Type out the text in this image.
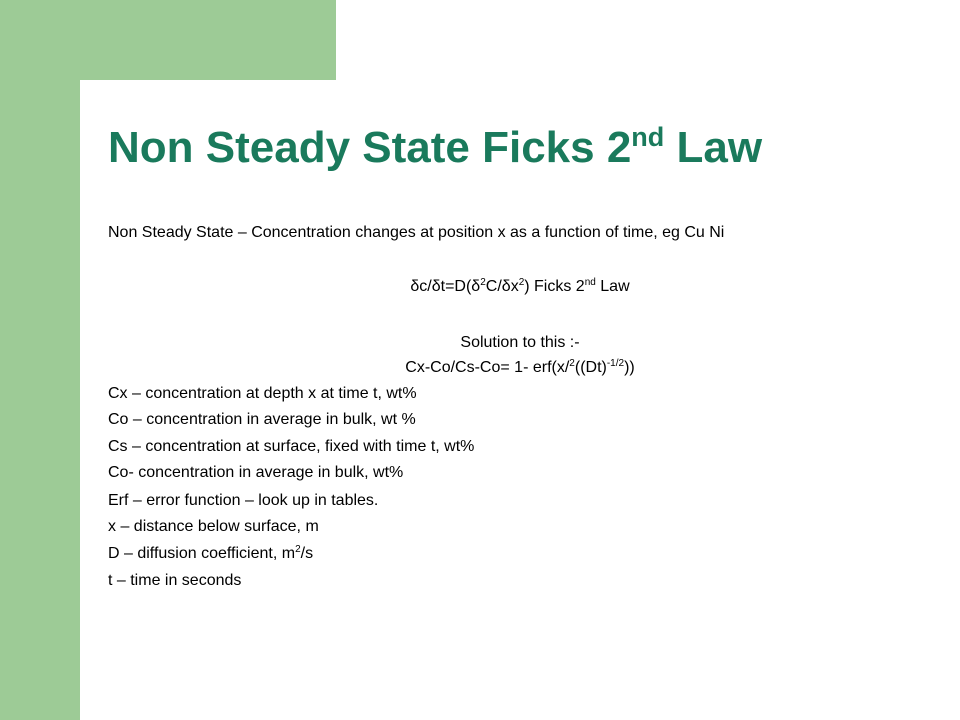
Non Steady State Ficks 2nd Law
Non Steady State – Concentration changes at position x as a function of time, eg Cu Ni
$\delta c/\delta t=D(\delta^2C/\delta x^2)$ Ficks 2nd Law
Solution to this :-
Cx-Co/Cs-Co= 1- $erf(x/^2((Dt)^{-1/2}))$
Cx – concentration at depth x at time t, wt%
Co – concentration in average in bulk, wt %
Cs – concentration at surface, fixed with time t, wt%
Co- concentration in average in bulk, wt%
Erf – error function – look up in tables.
x – distance below surface, m
D – diffusion coefficient, $m^2/s$
t – time in seconds
